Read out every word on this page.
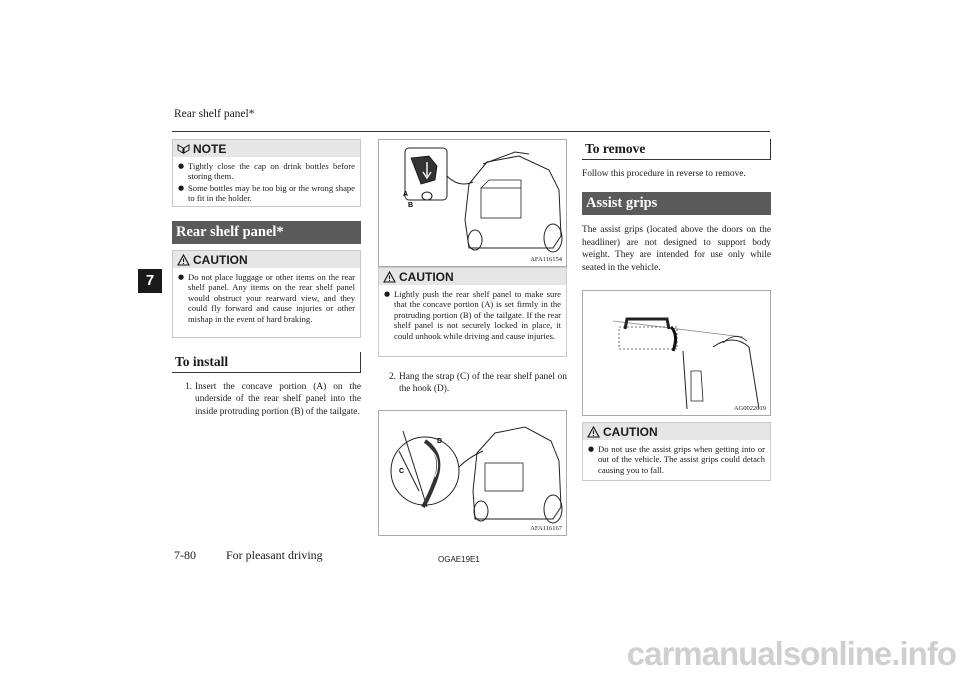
Rear shelf panel*
7
NOTE
● Tightly close the cap on drink bottles before storing them.
● Some bottles may be too big or the wrong shape to fit in the holder.
Rear shelf panel*
CAUTION
● Do not place luggage or other items on the rear shelf panel. Any items on the rear shelf panel would obstruct your rearward view, and they could fly forward and cause injuries or other mishap in the event of hard braking.
To install
1. Insert the concave portion (A) on the underside of the rear shelf panel into the inside protruding portion (B) of the tailgate.
A
B
AFA116154
CAUTION
● Lightly push the rear shelf panel to make sure that the concave portion (A) is set firmly in the protruding portion (B) of the tailgate. If the rear shelf panel is not securely locked in place, it could unhook while driving and cause injuries.
2. Hang the strap (C) of the rear shelf panel on the hook (D).
D
C
AFA116167
To remove
Follow this procedure in reverse to remove.
Assist grips
The assist grips (located above the doors on the headliner) are not designed to support body weight. They are intended for use only while seated in the vehicle.
AG0022019
CAUTION
● Do not use the assist grips when getting into or out of the vehicle. The assist grips could detach causing you to fall.
7-80	For pleasant driving	OGAE19E1
carmanualsonline.info
